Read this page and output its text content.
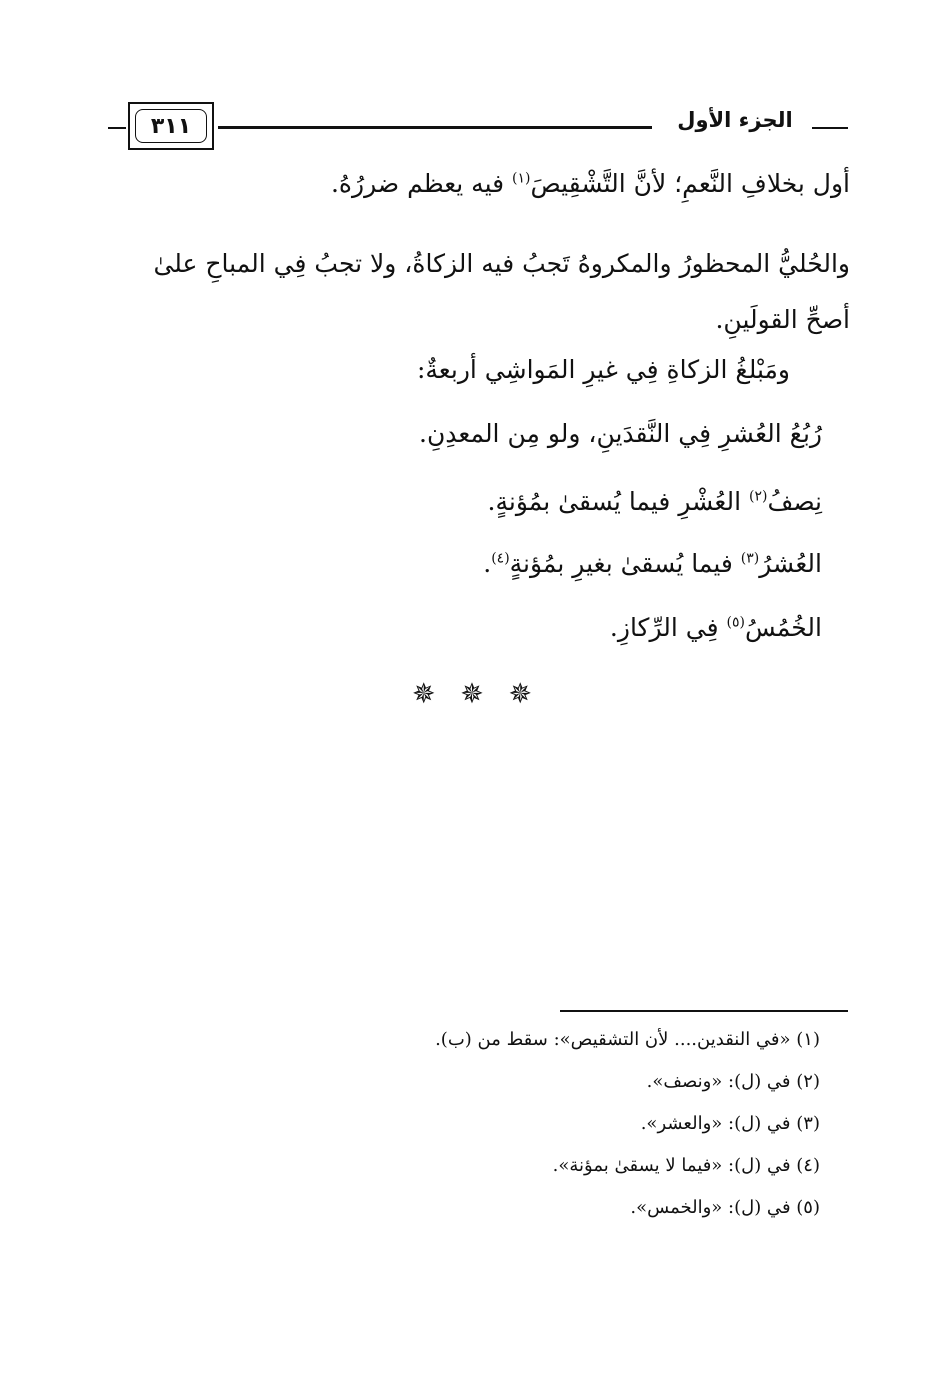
الجزء الأول
٣١١
أول بخلافِ النَّعمِ؛ لأنَّ التَّشْقِيصَ$^{(١)}$ فيه يعظم ضررُهُ.
والحُليُّ المحظورُ والمكروهُ تَجبُ فيه الزكاةُ، ولا تجبُ فِي المباحِ علىٰ أصحِّ القولَينِ.
ومَبْلغُ الزكاةِ فِي غيرِ المَواشِي أربعةٌ:
رُبُعُ العُشرِ فِي النَّقدَينِ، ولو مِن المعدِنِ.
نِصفُ$^{(٢)}$ العُشْرِ فيما يُسقىٰ بمُؤنةٍ.
العُشرُ$^{(٣)}$ فيما يُسقىٰ بغيرِ بمُؤنةٍ$^{(٤)}$.
الخُمُسُ$^{(٥)}$ فِي الرِّكازِ.
✵ ✵ ✵
(١) «في النقدين.... لأن التشقيص»: سقط من (ب).
(٢) في (ل): «ونصف».
(٣) في (ل): «والعشر».
(٤) في (ل): «فيما لا يسقىٰ بمؤنة».
(٥) في (ل): «والخمس».
